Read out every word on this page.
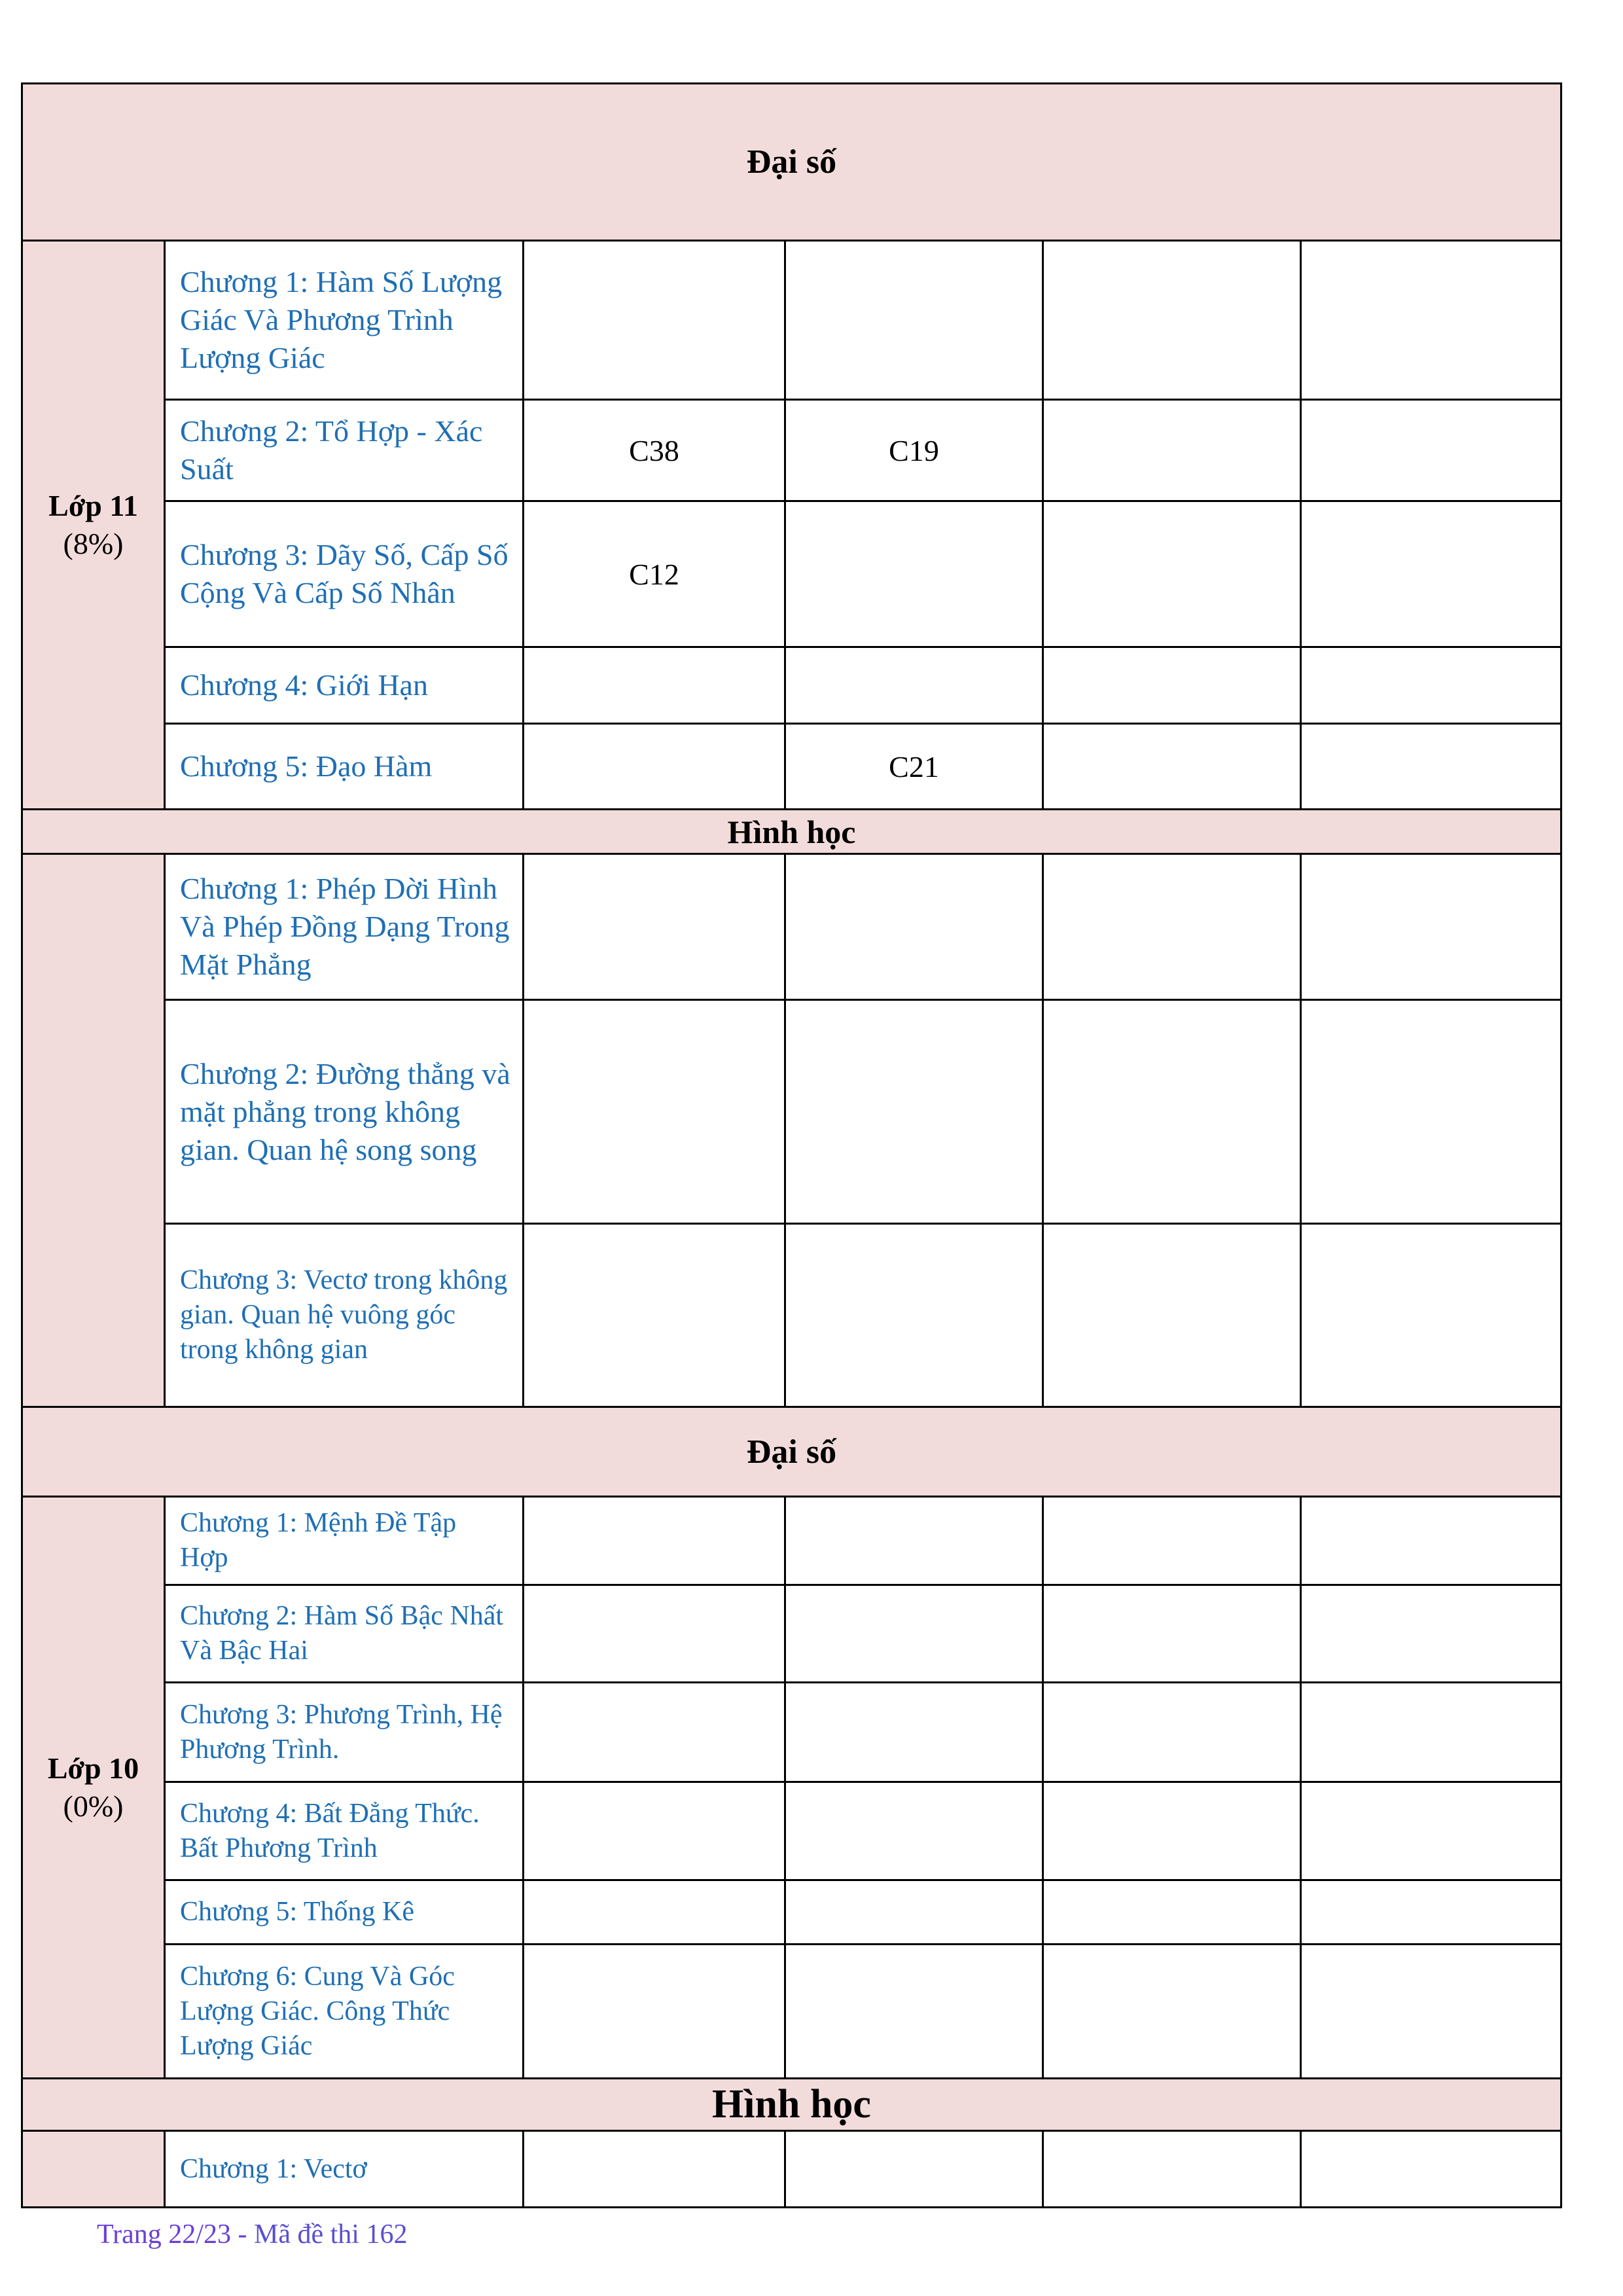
Đại số					
Lớp 11
(8%)	Chương 1: Hàm Số Lượng Giác Và Phương Trình Lượng Giác				
	Chương 2: Tổ Hợp - Xác Suất	C38	C19		
	Chương 3: Dãy Số, Cấp Số Cộng Và Cấp Số Nhân	C12			
	Chương 4: Giới Hạn				
	Chương 5: Đạo Hàm		C21		
Hình học					
	Chương 1: Phép Dời Hình Và Phép Đồng Dạng Trong Mặt Phẳng				
	Chương 2: Đường thẳng và mặt phẳng trong không gian. Quan hệ song song				
	Chương 3: Vectơ trong không gian. Quan hệ vuông góc trong không gian				
Đại số					
Lớp 10
(0%)	Chương 1: Mệnh Đề Tập Hợp				
	Chương 2: Hàm Số Bậc Nhất Và Bậc Hai				
	Chương 3: Phương Trình, Hệ Phương Trình.				
	Chương 4: Bất Đẳng Thức. Bất Phương Trình				
	Chương 5: Thống Kê				
	Chương 6: Cung Và Góc Lượng Giác. Công Thức Lượng Giác				
Hình học					
	Chương 1: Vectơ				
Trang 22/23 - Mã đề thi 162
